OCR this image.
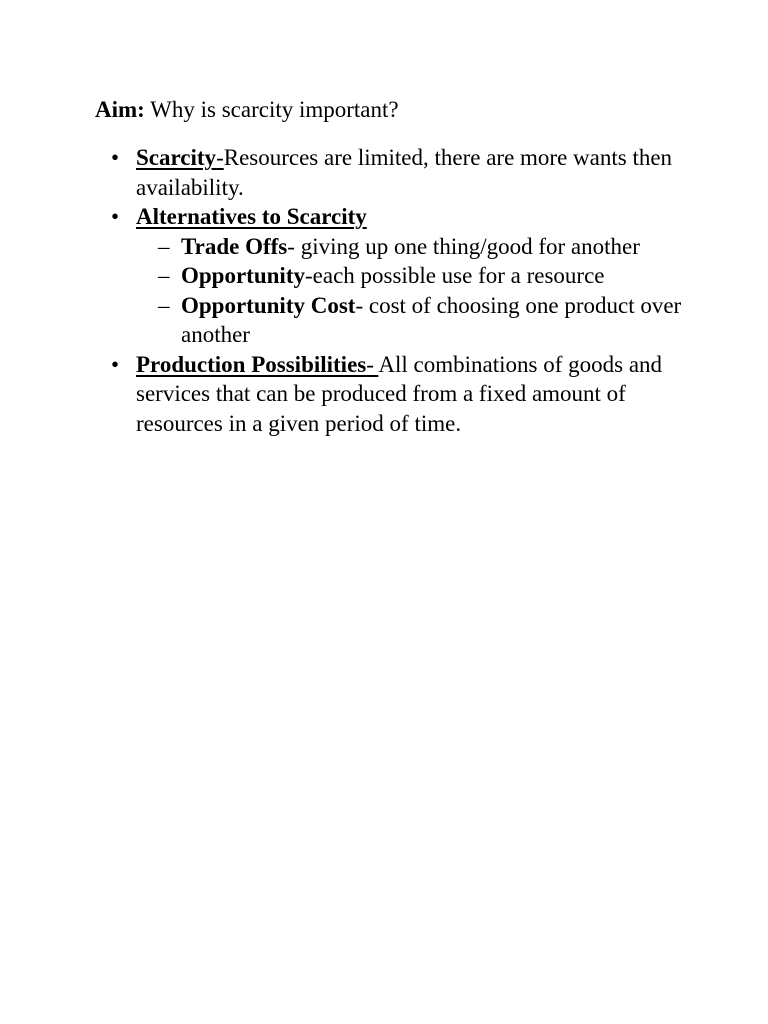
Aim: Why is scarcity important?
• Scarcity-Resources are limited, there are more wants then availability.
• Alternatives to Scarcity
– Trade Offs- giving up one thing/good for another
– Opportunity-each possible use for a resource
– Opportunity Cost- cost of choosing one product over another
• Production Possibilities- All combinations of goods and services that can be produced from a fixed amount of resources in a given period of time.
